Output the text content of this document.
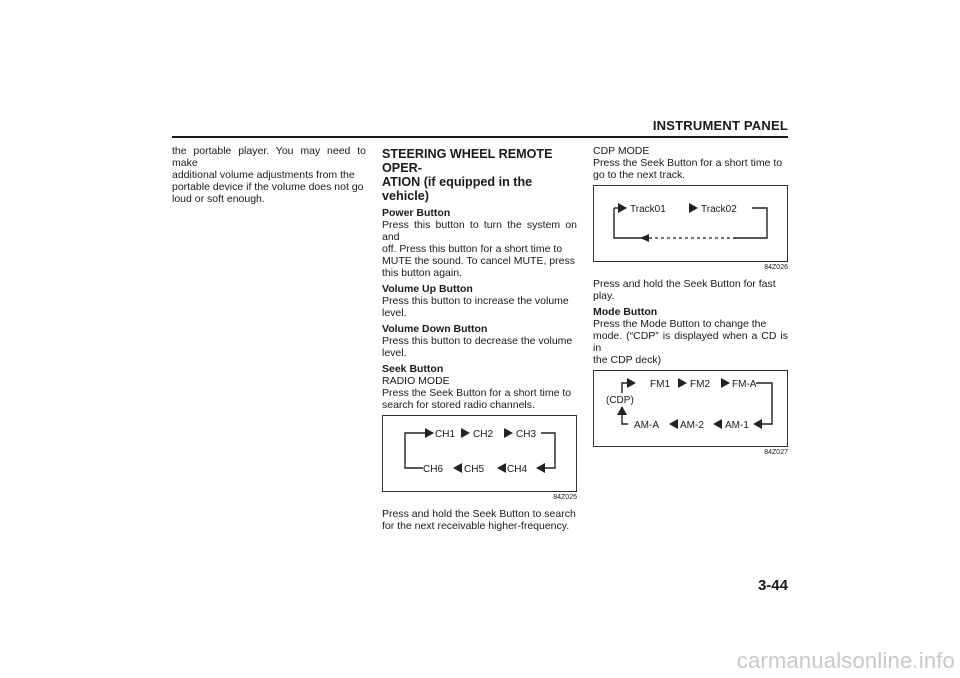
INSTRUMENT PANEL
the portable player. You may need to make
additional volume adjustments from the
portable device if the volume does not go
loud or soft enough.
STEERING WHEEL REMOTE OPER-
ATION (if equipped in the vehicle)
Power Button
Press this button to turn the system on and
off. Press this button for a short time to
MUTE the sound. To cancel MUTE, press
this button again.
Volume Up Button
Press this button to increase the volume
level.
Volume Down Button
Press this button to decrease the volume
level.
Seek Button
RADIO MODE
Press the Seek Button for a short time to
search for stored radio channels.
CH1 CH2 CH3
CH6 CH5 CH4
84Z025
Press and hold the Seek Button to search
for the next receivable higher-frequency.
CDP MODE
Press the Seek Button for a short time to
go to the next track.
Track01	Track02
84Z026
Press and hold the Seek Button for fast
play.
Mode Button
Press the Mode Button to change the
mode. (“CDP” is displayed when a CD is in
the CDP deck)
FM1 FM2 FM-A
(CDP)
AM-A AM-2 AM-1
84Z027
3-44
carmanualsonline.info
